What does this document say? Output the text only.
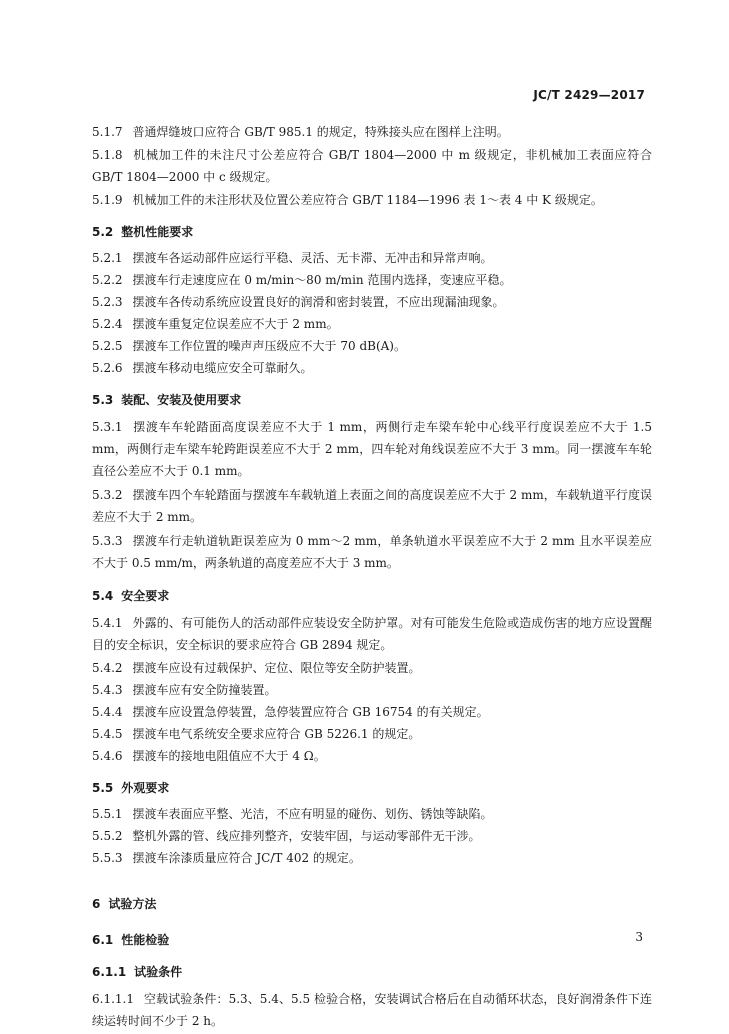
JC/T 2429—2017

5.1.7 普通焊缝坡口应符合 GB/T 985.1 的规定，特殊接头应在图样上注明。

5.1.8 机械加工件的未注尺寸公差应符合 GB/T 1804—2000 中 m 级规定，非机械加工表面应符合 GB/T 1804—2000 中 c 级规定。

5.1.9 机械加工件的未注形状及位置公差应符合 GB/T 1184—1996 表 1～表 4 中 K 级规定。

5.2 整机性能要求

5.2.1 摆渡车各运动部件应运行平稳、灵活、无卡滞、无冲击和异常声响。

5.2.2 摆渡车行走速度应在 0 m/min～80 m/min 范围内选择，变速应平稳。

5.2.3 摆渡车各传动系统应设置良好的润滑和密封装置，不应出现漏油现象。

5.2.4 摆渡车重复定位误差应不大于 2 mm。

5.2.5 摆渡车工作位置的噪声声压级应不大于 70 dB(A)。

5.2.6 摆渡车移动电缆应安全可靠耐久。

5.3 装配、安装及使用要求

5.3.1 摆渡车车轮踏面高度误差应不大于 1 mm，两侧行走车梁车轮中心线平行度误差应不大于 1.5 mm，两侧行走车梁车轮跨距误差应不大于 2 mm，四车轮对角线误差应不大于 3 mm。同一摆渡车车轮直径公差应不大于 0.1 mm。

5.3.2 摆渡车四个车轮踏面与摆渡车车载轨道上表面之间的高度误差应不大于 2 mm，车载轨道平行度误差应不大于 2 mm。

5.3.3 摆渡车行走轨道轨距误差应为 0 mm～2 mm，单条轨道水平误差应不大于 2 mm 且水平误差应不大于 0.5 mm/m，两条轨道的高度差应不大于 3 mm。

5.4 安全要求

5.4.1 外露的、有可能伤人的活动部件应装设安全防护罩。对有可能发生危险或造成伤害的地方应设置醒目的安全标识，安全标识的要求应符合 GB 2894 规定。

5.4.2 摆渡车应设有过载保护、定位、限位等安全防护装置。

5.4.3 摆渡车应有安全防撞装置。

5.4.4 摆渡车应设置急停装置，急停装置应符合 GB 16754 的有关规定。

5.4.5 摆渡车电气系统安全要求应符合 GB 5226.1 的规定。

5.4.6 摆渡车的接地电阻值应不大于 4 Ω。

5.5 外观要求

5.5.1 摆渡车表面应平整、光洁，不应有明显的碰伤、划伤、锈蚀等缺陷。

5.5.2 整机外露的管、线应排列整齐，安装牢固，与运动零部件无干涉。

5.5.3 摆渡车涂漆质量应符合 JC/T 402 的规定。

6 试验方法
6.1 性能检验
6.1.1 试验条件

6.1.1.1 空载试验条件：5.3、5.4、5.5 检验合格，安装调试合格后在自动循环状态，良好润滑条件下连续运转时间不少于 2 h。

3
